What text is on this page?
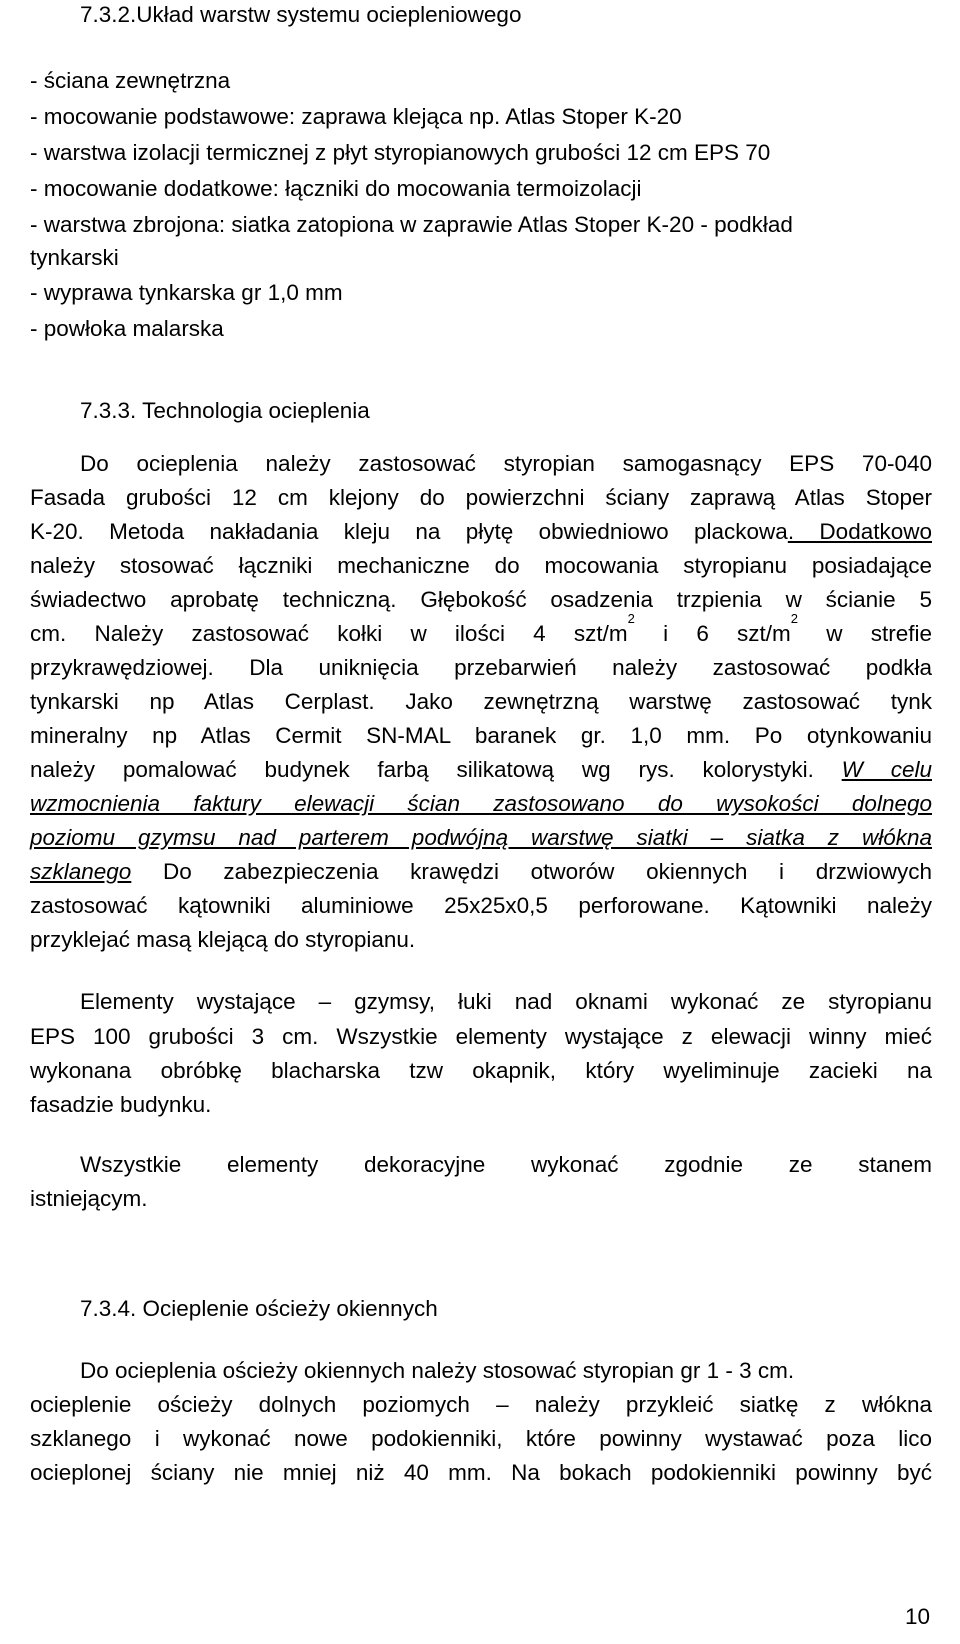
7.3.2.Układ warstw systemu ociepleniowego
- ściana zewnętrzna
- mocowanie podstawowe: zaprawa klejąca np. Atlas Stoper K-20
- warstwa izolacji termicznej z płyt styropianowych grubości 12 cm EPS 70
- mocowanie dodatkowe: łączniki do mocowania termoizolacji
- warstwa zbrojona: siatka zatopiona w zaprawie Atlas Stoper K-20 - podkład
tynkarski
- wyprawa tynkarska gr 1,0 mm
- powłoka malarska
7.3.3. Technologia ocieplenia
Do ocieplenia należy zastosować styropian samogasnący EPS 70-040
Fasada grubości 12 cm klejony do powierzchni ściany zaprawą Atlas Stoper
K-20. Metoda nakładania kleju na płytę obwiedniowo plackowa. Dodatkowo
należy stosować łączniki mechaniczne do mocowania styropianu posiadające
świadectwo aprobatę techniczną. Głębokość osadzenia trzpienia w ścianie 5
cm. Należy zastosować kołki w ilości 4 szt/$m^2$ i 6 szt/$m^2$ w strefie
przykrawędziowej. Dla uniknięcia przebarwień należy zastosować podkła
tynkarski np Atlas Cerplast. Jako zewnętrzną warstwę zastosować tynk
mineralny np Atlas Cermit SN-MAL baranek gr. 1,0 mm. Po otynkowaniu
należy pomalować budynek farbą silikatową wg rys. kolorystyki. W celu
wzmocnienia faktury elewacji ścian zastosowano do wysokości dolnego
poziomu gzymsu nad parterem podwójną warstwę siatki – siatka z włókna
szklanego Do zabezpieczenia krawędzi otworów okiennych i drzwiowych
zastosować kątowniki aluminiowe 25x25x0,5 perforowane. Kątowniki należy
przyklejać masą klejącą do styropianu.
Elementy wystające – gzymsy, łuki nad oknami wykonać ze styropianu
EPS 100 grubości 3 cm. Wszystkie elementy wystające z elewacji winny mieć
wykonana obróbkę blacharska tzw okapnik, który wyeliminuje zacieki na
fasadzie budynku.
Wszystkie elementy dekoracyjne wykonać zgodnie ze stanem
istniejącym.
7.3.4. Ocieplenie ościeży okiennych
Do ocieplenia ościeży okiennych należy stosować styropian gr 1 - 3 cm.
ocieplenie ościeży dolnych poziomych – należy przykleić siatkę z włókna
szklanego i wykonać nowe podokienniki, które powinny wystawać poza lico
ocieplonej ściany nie mniej niż 40 mm. Na bokach podokienniki powinny być
10
